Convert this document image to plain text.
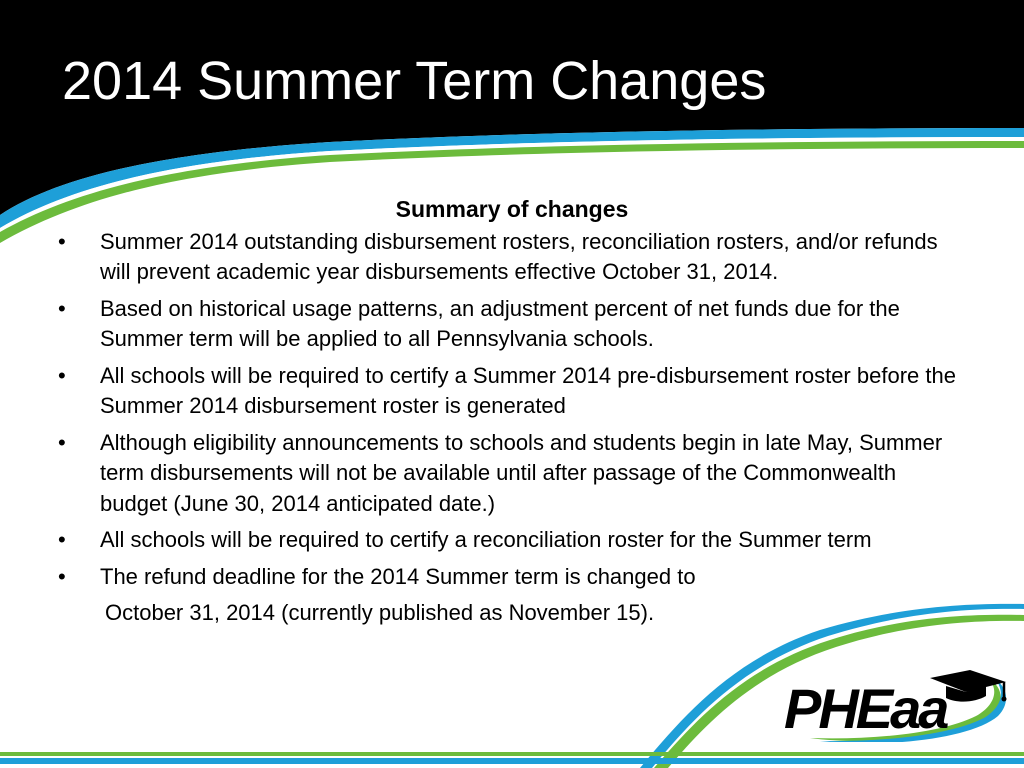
2014 Summer Term Changes
Summary of changes
•	Summer 2014 outstanding disbursement rosters, reconciliation rosters, and/or refunds will prevent academic year disbursements effective October 31, 2014.
•	Based on historical usage patterns, an adjustment percent of net funds due for the Summer term will be applied to all Pennsylvania schools.
•	All schools will be required to certify a Summer 2014 pre-disbursement roster before the Summer 2014 disbursement roster is generated
•	Although eligibility announcements to schools and students begin in late May, Summer term disbursements will not be available until after passage of the Commonwealth budget (June 30, 2014 anticipated date.)
•	All schools will be required to certify a reconciliation roster for the Summer term
•	The refund deadline for the 2014 Summer term is changed to
October 31, 2014 (currently published as November 15).
PHEaa
